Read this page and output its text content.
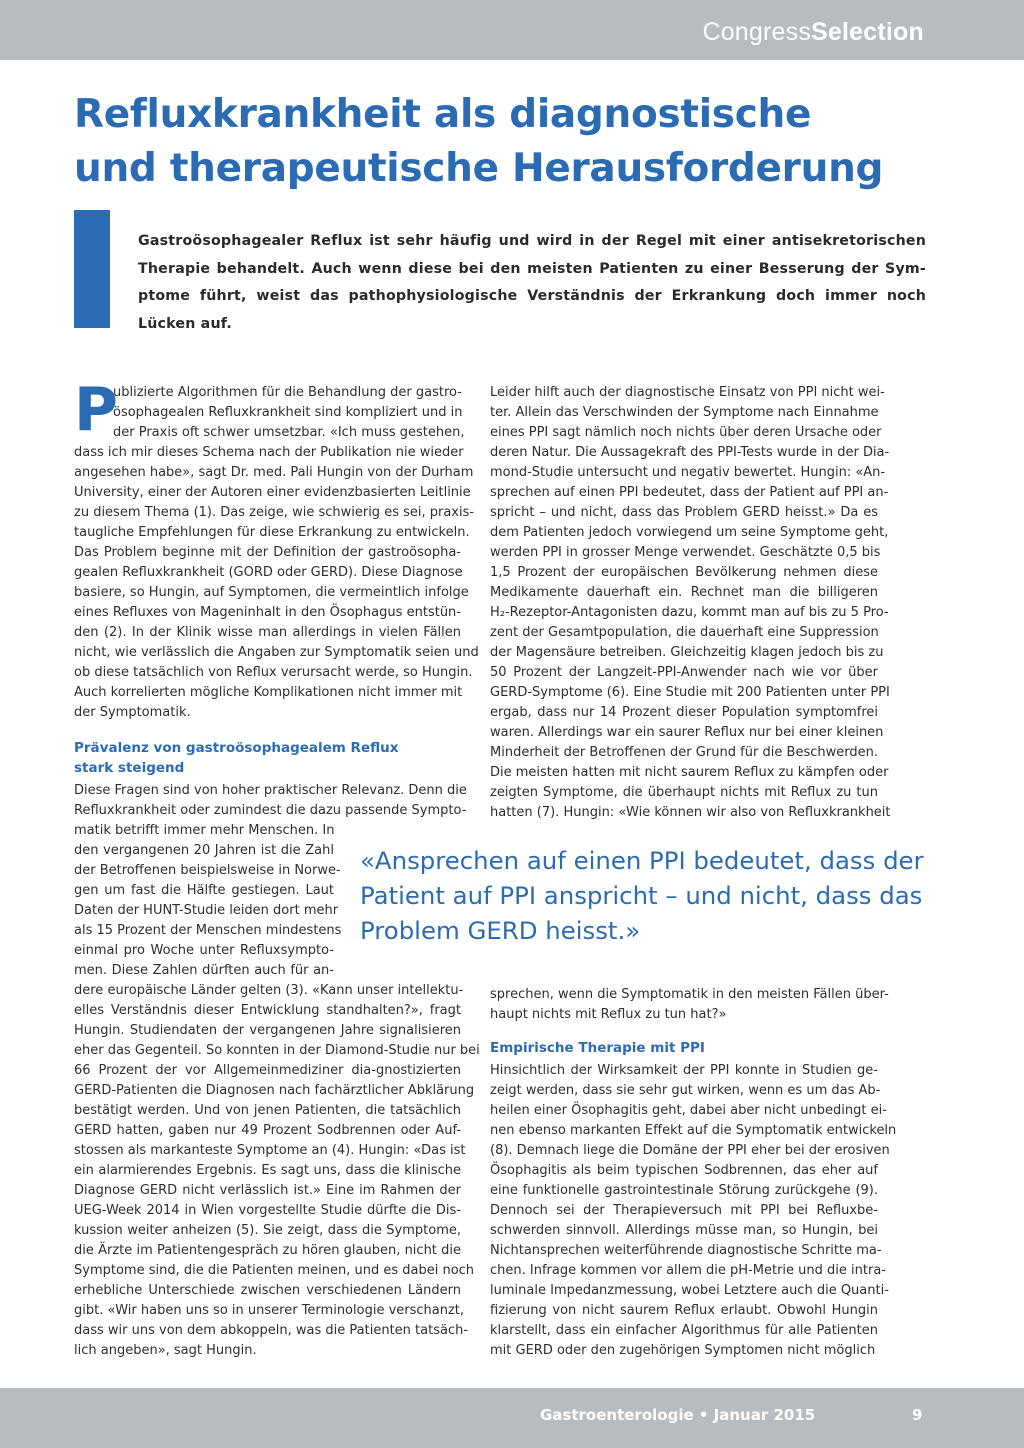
CongressSelection
Refluxkrankheit als diagnostische
und therapeutische Herausforderung
Gastroösophagealer Reflux ist sehr häufig und wird in der Regel mit einer antisekretorischen
Therapie behandelt. Auch wenn diese bei den meisten Patienten zu einer Besserung der Sym-
ptome führt, weist das pathophysiologische Verständnis der Erkrankung doch immer noch
Lücken auf.
P
ublizierte Algorithmen für die Behandlung der gastro-
ösophagealen Refluxkrankheit sind kompliziert und in
der Praxis oft schwer umsetzbar. «Ich muss gestehen,
dass ich mir dieses Schema nach der Publikation nie wieder
angesehen habe», sagt Dr. med. Pali Hungin von der Durham
University, einer der Autoren einer evidenzbasierten Leitlinie
zu diesem Thema (1). Das zeige, wie schwierig es sei, praxis-
taugliche Empfehlungen für diese Erkrankung zu entwickeln.
Das Problem beginne mit der Definition der gastroösopha-
gealen Refluxkrankheit (GORD oder GERD). Diese Diagnose
basiere, so Hungin, auf Symptomen, die vermeintlich infolge
eines Refluxes von Mageninhalt in den Ösophagus entstün-
den (2). In der Klinik wisse man allerdings in vielen Fällen
nicht, wie verlässlich die Angaben zur Symptomatik seien und
ob diese tatsächlich von Reflux verursacht werde, so Hungin.
Auch korrelierten mögliche Komplikationen nicht immer mit
der Symptomatik.
Prävalenz von gastroösophagealem Reflux
stark steigend
Diese Fragen sind von hoher praktischer Relevanz. Denn die
Refluxkrankheit oder zumindest die dazu passende Sympto-
matik betrifft immer mehr Menschen. In
den vergangenen 20 Jahren ist die Zahl
der Betroffenen beispielsweise in Norwe-
gen um fast die Hälfte gestiegen. Laut
Daten der HUNT-Studie leiden dort mehr
als 15 Prozent der Menschen mindestens
einmal pro Woche unter Refluxsympto-
men. Diese Zahlen dürften auch für an-
dere europäische Länder gelten (3). «Kann unser intellektu-
elles Verständnis dieser Entwicklung standhalten?», fragt
Hungin. Studiendaten der vergangenen Jahre signalisieren
eher das Gegenteil. So konnten in der Diamond-Studie nur bei
66 Prozent der vor Allgemeinmediziner dia-gnostizierten
GERD-Patienten die Diagnosen nach fachärztlicher Abklärung
bestätigt werden. Und von jenen Patienten, die tatsächlich
GERD hatten, gaben nur 49 Prozent Sodbrennen oder Auf-
stossen als markanteste Symptome an (4). Hungin: «Das ist
ein alarmierendes Ergebnis. Es sagt uns, dass die klinische
Diagnose GERD nicht verlässlich ist.» Eine im Rahmen der
UEG-Week 2014 in Wien vorgestellte Studie dürfte die Dis-
kussion weiter anheizen (5). Sie zeigt, dass die Symptome,
die Ärzte im Patientengespräch zu hören glauben, nicht die
Symptome sind, die die Patienten meinen, und es dabei noch
erhebliche Unterschiede zwischen verschiedenen Ländern
gibt. «Wir haben uns so in unserer Terminologie verschanzt,
dass wir uns von dem abkoppeln, was die Patienten tatsäch-
lich angeben», sagt Hungin.
Leider hilft auch der diagnostische Einsatz von PPI nicht wei-
ter. Allein das Verschwinden der Symptome nach Einnahme
eines PPI sagt nämlich noch nichts über deren Ursache oder
deren Natur. Die Aussagekraft des PPI-Tests wurde in der Dia-
mond-Studie untersucht und negativ bewertet. Hungin: «An-
sprechen auf einen PPI bedeutet, dass der Patient auf PPI an-
spricht – und nicht, dass das Problem GERD heisst.» Da es
dem Patienten jedoch vorwiegend um seine Symptome geht,
werden PPI in grosser Menge verwendet. Geschätzte 0,5 bis
1,5 Prozent der europäischen Bevölkerung nehmen diese
Medikamente dauerhaft ein. Rechnet man die billigeren
H₂-Rezeptor-Antagonisten dazu, kommt man auf bis zu 5 Pro-
zent der Gesamtpopulation, die dauerhaft eine Suppression
der Magensäure betreiben. Gleichzeitig klagen jedoch bis zu
50 Prozent der Langzeit-PPI-Anwender nach wie vor über
GERD-Symptome (6). Eine Studie mit 200 Patienten unter PPI
ergab, dass nur 14 Prozent dieser Population symptomfrei
waren. Allerdings war ein saurer Reflux nur bei einer kleinen
Minderheit der Betroffenen der Grund für die Beschwerden.
Die meisten hatten mit nicht saurem Reflux zu kämpfen oder
zeigten Symptome, die überhaupt nichts mit Reflux zu tun
hatten (7). Hungin: «Wie können wir also von Refluxkrankheit
«Ansprechen auf einen PPI bedeutet, dass der
Patient auf PPI anspricht – und nicht, dass das
Problem GERD heisst.»
sprechen, wenn die Symptomatik in den meisten Fällen über-
haupt nichts mit Reflux zu tun hat?»
Empirische Therapie mit PPI
Hinsichtlich der Wirksamkeit der PPI konnte in Studien ge-
zeigt werden, dass sie sehr gut wirken, wenn es um das Ab-
heilen einer Ösophagitis geht, dabei aber nicht unbedingt ei-
nen ebenso markanten Effekt auf die Symptomatik entwickeln
(8). Demnach liege die Domäne der PPI eher bei der erosiven
Ösophagitis als beim typischen Sodbrennen, das eher auf
eine funktionelle gastrointestinale Störung zurückgehe (9).
Dennoch sei der Therapieversuch mit PPI bei Refluxbe-
schwerden sinnvoll. Allerdings müsse man, so Hungin, bei
Nichtansprechen weiterführende diagnostische Schritte ma-
chen. Infrage kommen vor allem die pH-Metrie und die intra-
luminale Impedanzmessung, wobei Letztere auch die Quanti-
fizierung von nicht saurem Reflux erlaubt. Obwohl Hungin
klarstellt, dass ein einfacher Algorithmus für alle Patienten
mit GERD oder den zugehörigen Symptomen nicht möglich
Gastroenterologie • Januar 2015	9
